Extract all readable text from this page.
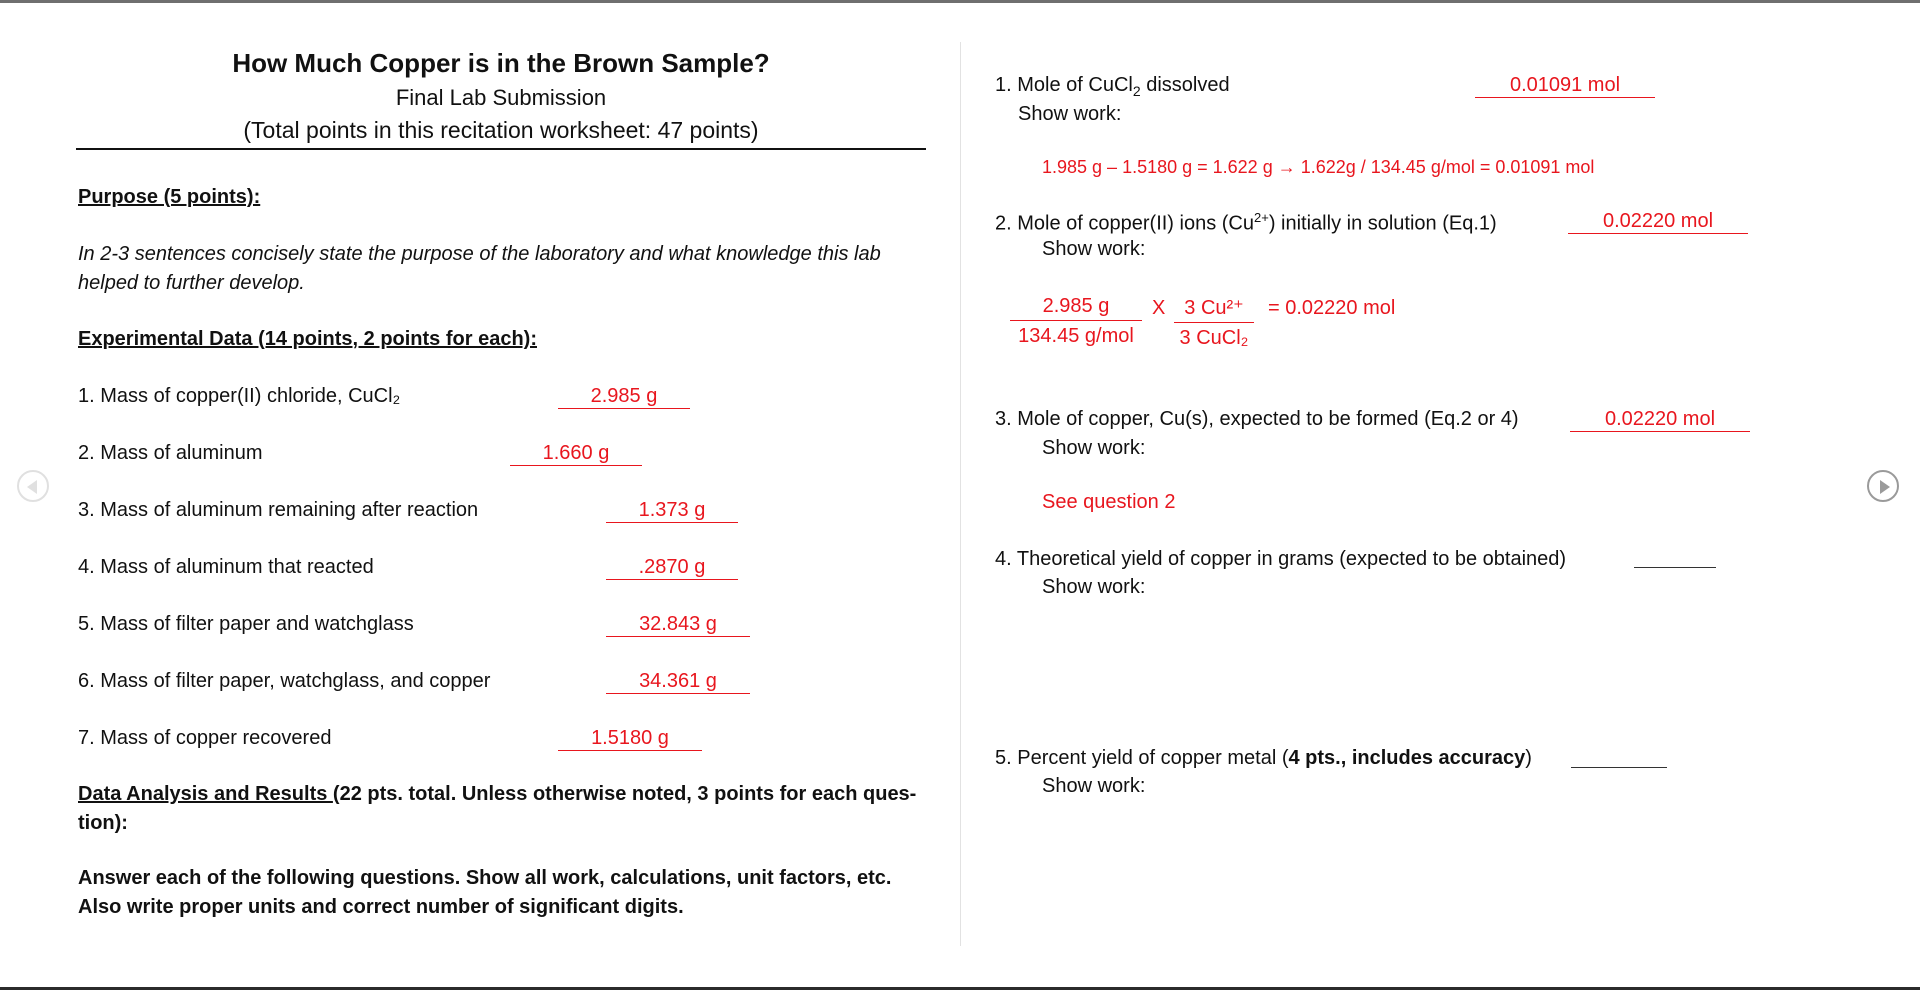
How Much Copper is in the Brown Sample?
Final Lab Submission
(Total points in this recitation worksheet: 47 points)
Purpose (5 points):
In 2-3 sentences concisely state the purpose of the laboratory and what knowledge this lab helped to further develop.
Experimental Data (14 points, 2 points for each):
1. Mass of copper(II) chloride, CuCl₂	2.985 g
2. Mass of aluminum	1.660 g
3. Mass of aluminum remaining after reaction	1.373 g
4. Mass of aluminum that reacted	.2870 g
5. Mass of filter paper and watchglass	32.843 g
6. Mass of filter paper, watchglass, and copper	34.361 g
7. Mass of copper recovered	1.5180 g
Data Analysis and Results (22 pts. total. Unless otherwise noted, 3 points for each ques-tion):
Answer each of the following questions. Show all work, calculations, unit factors, etc. Also write proper units and correct number of significant digits.
1. Mole of CuCl$_2$ dissolved	0.01091 mol
Show work:
1.985 g – 1.5180 g = 1.622 g → 1.622g / 134.45 g/mol = 0.01091 mol
2. Mole of copper(II) ions $(Cu^{2+})$ initially in solution (Eq.1)	0.02220 mol
Show work:
2.985 g
134.45 g/mol
X 3 Cu²⁺
3 CuCl₂
= 0.02220 mol
3. Mole of copper, Cu(s), expected to be formed (Eq.2 or 4)	0.02220 mol
Show work:
See question 2
4. Theoretical yield of copper in grams (expected to be obtained)
Show work:
5. Percent yield of copper metal (4 pts., includes accuracy)
Show work:
